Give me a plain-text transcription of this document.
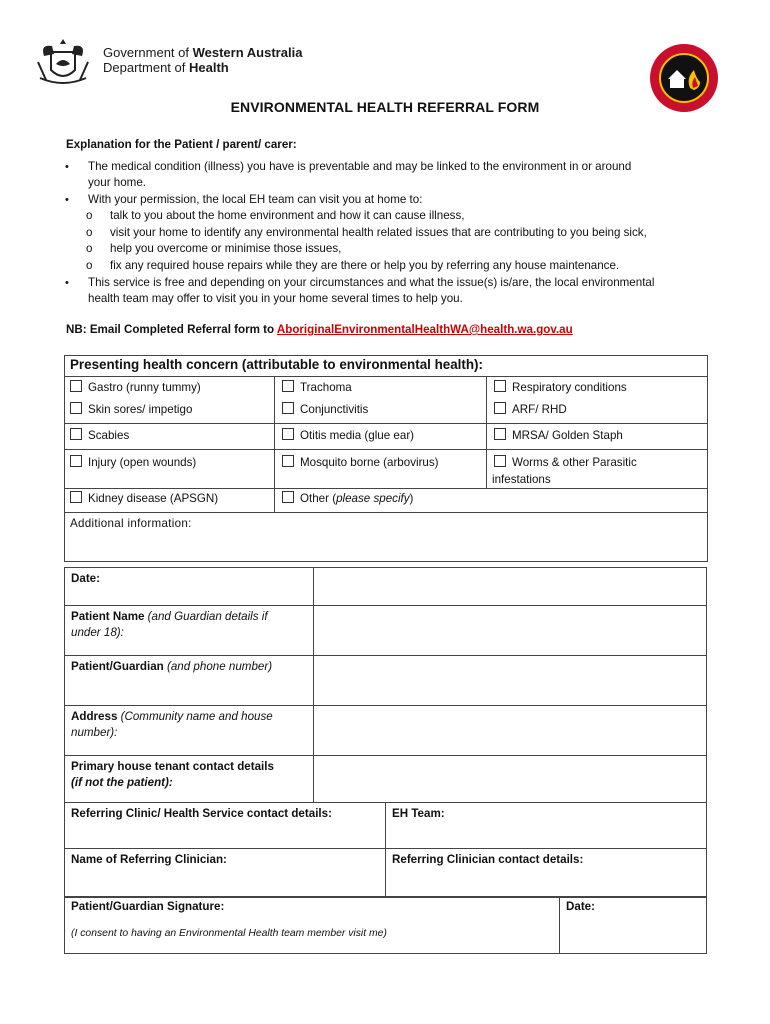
Government of Western Australia
Department of Health
ENVIRONMENTAL HEALTH REFERRAL FORM
Explanation for the Patient / parent/ carer:
• The medical condition (illness) you have is preventable and may be linked to the environment in or around
your home.
• With your permission, the local EH team can visit you at home to:
o talk to you about the home environment and how it can cause illness,
o visit your home to identify any environmental health related issues that are contributing to you being sick,
o help you overcome or minimise those issues,
o fix any required house repairs while they are there or help you by referring any house maintenance.
• This service is free and depending on your circumstances and what the issue(s) is/are, the local environmental
health team may offer to visit you in your home several times to help you.
NB: Email Completed Referral form to AboriginalEnvironmentalHealthWA@health.wa.gov.au
Presenting health concern (attributable to environmental health):
Gastro (runny tummy)	Trachoma	Respiratory conditions
Skin sores/ impetigo	Conjunctivitis	ARF/ RHD
Scabies	Otitis media (glue ear)	MRSA/ Golden Staph
Injury (open wounds)	Mosquito borne (arbovirus)	Worms & other Parasitic
infestations
Kidney disease (APSGN)	Other (please specify)
Additional information:
Date:	

Patient Name (and Guardian details if
under 18):	

Patient/Guardian (and phone number)	

Address (Community name and house
number):	

Primary house tenant contact details
(if not the patient):	

Referring Clinic/ Health Service contact details:	EH Team:

Name of Referring Clinician:	Referring Clinician contact details:
Patient/Guardian Signature:
(I consent to having an Environmental Health team member visit me)

Date:
